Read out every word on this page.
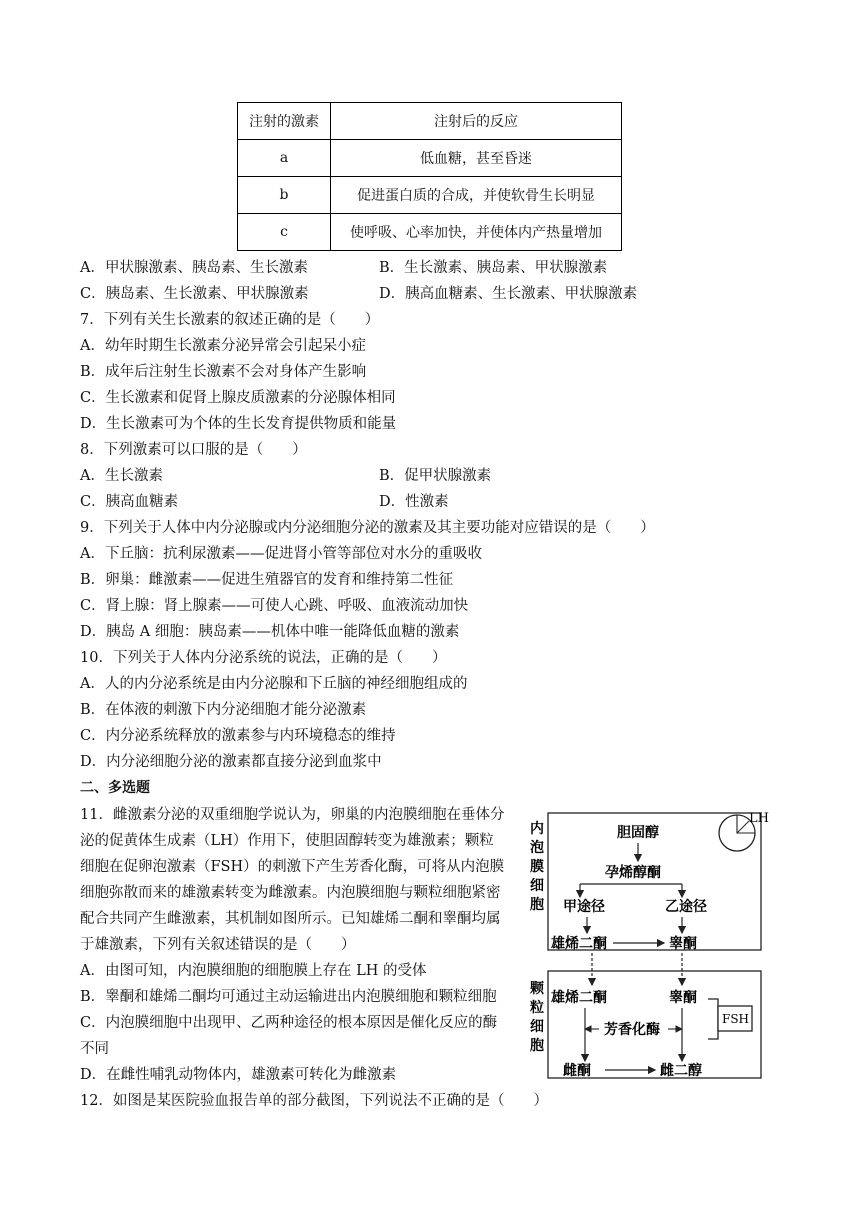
注射的激素	注射后的反应
a	低血糖，甚至昏迷
b	促进蛋白质的合成，并使软骨生长明显
c	使呼吸、心率加快，并使体内产热量增加
A．甲状腺激素、胰岛素、生长激素	B．生长激素、胰岛素、甲状腺激素
C．胰岛素、生长激素、甲状腺激素	D．胰高血糖素、生长激素、甲状腺激素
7．下列有关生长激素的叙述正确的是（　　）
A．幼年时期生长激素分泌异常会引起呆小症
B．成年后注射生长激素不会对身体产生影响
C．生长激素和促肾上腺皮质激素的分泌腺体相同
D．生长激素可为个体的生长发育提供物质和能量
8．下列激素可以口服的是（　　）
A．生长激素	B．促甲状腺激素
C．胰高血糖素	D．性激素
9．下列关于人体中内分泌腺或内分泌细胞分泌的激素及其主要功能对应错误的是（　　）
A．下丘脑：抗利尿激素——促进肾小管等部位对水分的重吸收
B．卵巢：雌激素——促进生殖器官的发育和维持第二性征
C．肾上腺：肾上腺素——可使人心跳、呼吸、血液流动加快
D．胰岛 A 细胞：胰岛素——机体中唯一能降低血糖的激素
10．下列关于人体内分泌系统的说法，正确的是（　　）
A．人的内分泌系统是由内分泌腺和下丘脑的神经细胞组成的
B．在体液的刺激下内分泌细胞才能分泌激素
C．内分泌系统释放的激素参与内环境稳态的维持
D．内分泌细胞分泌的激素都直接分泌到血浆中
二、多选题
11．雌激素分泌的双重细胞学说认为，卵巢的内泡膜细胞在垂体分
泌的促黄体生成素（LH）作用下，使胆固醇转变为雄激素；颗粒
细胞在促卵泡激素（FSH）的刺激下产生芳香化酶，可将从内泡膜
细胞弥散而来的雄激素转变为雌激素。内泡膜细胞与颗粒细胞紧密
配合共同产生雌激素，其机制如图所示。已知雄烯二酮和睾酮均属
于雄激素，下列有关叙述错误的是（　　）
A．由图可知，内泡膜细胞的细胞膜上存在 LH 的受体
B．睾酮和雄烯二酮均可通过主动运输进出内泡膜细胞和颗粒细胞
C．内泡膜细胞中出现甲、乙两种途径的根本原因是催化反应的酶
不同
D．在雌性哺乳动物体内，雄激素可转化为雌激素
12．如图是某医院验血报告单的部分截图，下列说法不正确的是（　　）
LH
FSH
内
泡
膜
细
胞
颗
粒
细
胞
胆固醇
孕烯醇酮
甲途径	乙途径
雄烯二酮	睾酮
雄烯二酮	睾酮
芳香化酶
雌酮	雌二醇
